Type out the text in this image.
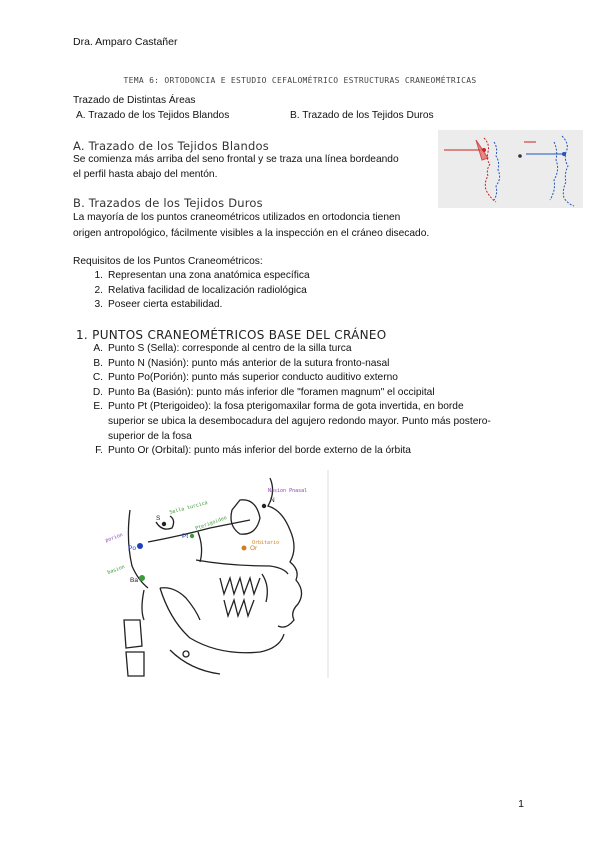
Dra. Amparo Castañer
TEMA 6: ORTODONCIA E ESTUDIO CEFALOMÉTRICO ESTRUCTURAS CRANEOMÉTRICAS
Trazado de Distintas Áreas
A. Trazado de los Tejidos Blandos	B. Trazado de los Tejidos Duros
A. Trazado de los Tejidos Blandos
Se comienza más arriba del seno frontal y se traza una línea bordeando
el perfil hasta abajo del mentón.
B. Trazados de los Tejidos Duros
La mayoría de los puntos craneométricos utilizados en ortodoncia tienen
origen antropológico, fácilmente visibles a la inspección en el cráneo disecado.
Requisitos de los Puntos Craneométricos:
1. Representan una zona anatómica específica
2. Relativa facilidad de localización radiológica
3. Poseer cierta estabilidad.
1. PUNTOS CRANEOMÉTRICOS BASE DEL CRÁNEO
A. Punto S (Sella): corresponde al centro de la silla turca
B. Punto N (Nasión): punto más anterior de la sutura fronto-nasal
C. Punto Po(Porión): punto más superior conducto auditivo externo
D. Punto Ba (Basión): punto más inferior dle "foramen magnum" el occipital
E. Punto Pt (Pterigoideo): la fosa pterigomaxilar forma de gota invertida, en borde superior se ubica la desembocadura del agujero redondo mayor. Punto más postero-superior de la fosa
F. Punto Or (Orbital): punto más inferior del borde externo de la órbita
S
N
Po
Pt
Ba
Or
Nasion Pnasal
Sella turcica
porion
basion
Orbitario
Pterigoideo
1
